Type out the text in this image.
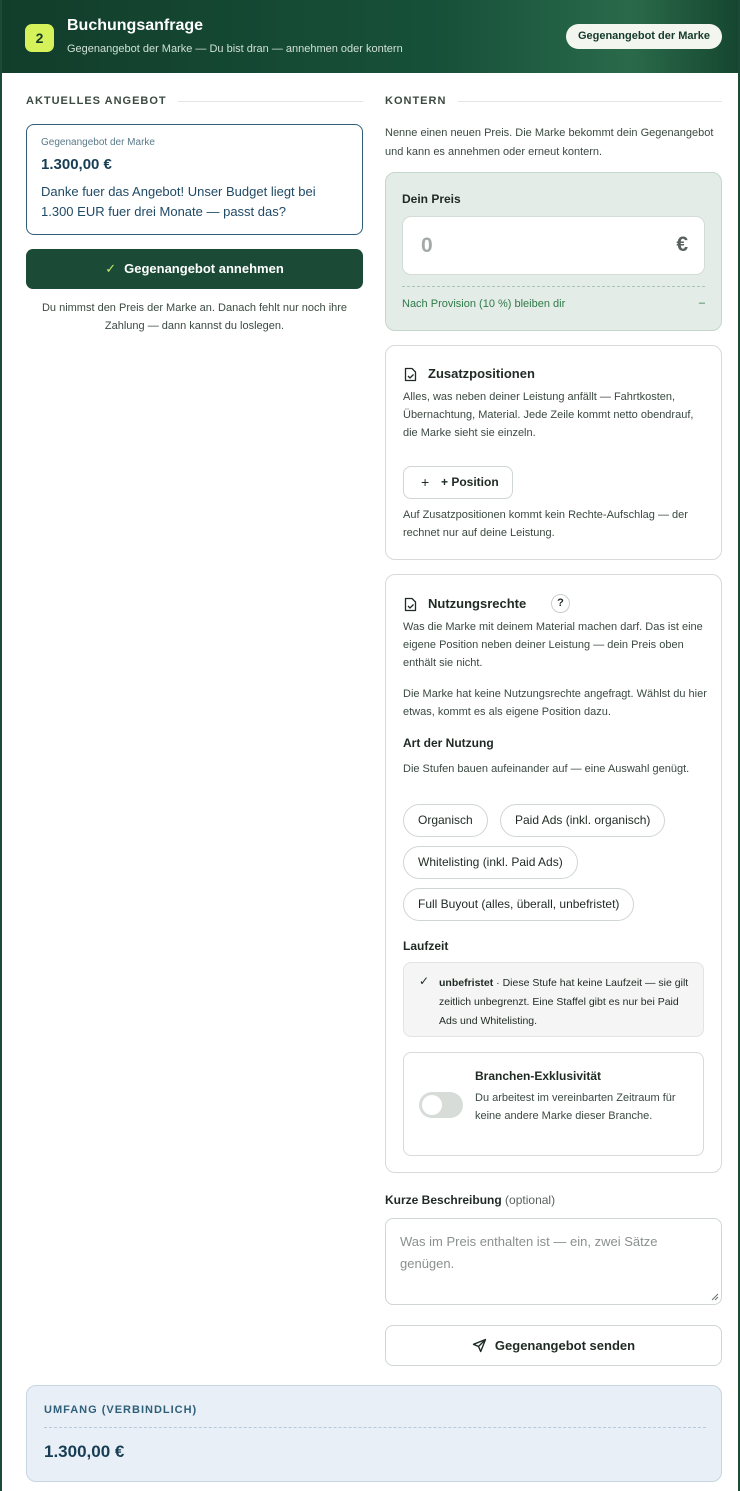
2
Buchungsanfrage
Gegenangebot der Marke — Du bist dran — annehmen oder kontern
Gegenangebot der Marke
AKTUELLES ANGEBOT
Gegenangebot der Marke
1.300,00 €
Danke fuer das Angebot! Unser Budget liegt bei 1.300 EUR fuer drei Monate — passt das?
✓ Gegenangebot annehmen
Du nimmst den Preis der Marke an. Danach fehlt nur noch ihre Zahlung — dann kannst du loslegen.
KONTERN
Nenne einen neuen Preis. Die Marke bekommt dein Gegenangebot und kann es annehmen oder erneut kontern.
Dein Preis
0	€
Nach Provision (10 %) bleiben dir	–
Zusatzpositionen
Alles, was neben deiner Leistung anfällt — Fahrtkosten, Übernachtung, Material. Jede Zeile kommt netto obendrauf, die Marke sieht sie einzeln.
+ + Position
Auf Zusatzpositionen kommt kein Rechte-Aufschlag — der rechnet nur auf deine Leistung.
Nutzungsrechte	?
Was die Marke mit deinem Material machen darf. Das ist eine eigene Position neben deiner Leistung — dein Preis oben enthält sie nicht.
Die Marke hat keine Nutzungsrechte angefragt. Wählst du hier etwas, kommt es als eigene Position dazu.
Art der Nutzung
Die Stufen bauen aufeinander auf — eine Auswahl genügt.
Organisch	Paid Ads (inkl. organisch)
Whitelisting (inkl. Paid Ads)
Full Buyout (alles, überall, unbefristet)
Laufzeit
✓ unbefristet · Diese Stufe hat keine Laufzeit — sie gilt zeitlich unbegrenzt. Eine Staffel gibt es nur bei Paid Ads und Whitelisting.
Branchen-Exklusivität
Du arbeitest im vereinbarten Zeitraum für keine andere Marke dieser Branche.
Kurze Beschreibung (optional)
Was im Preis enthalten ist — ein, zwei Sätze genügen.
Gegenangebot senden
UMFANG (VERBINDLICH)
1.300,00 €
